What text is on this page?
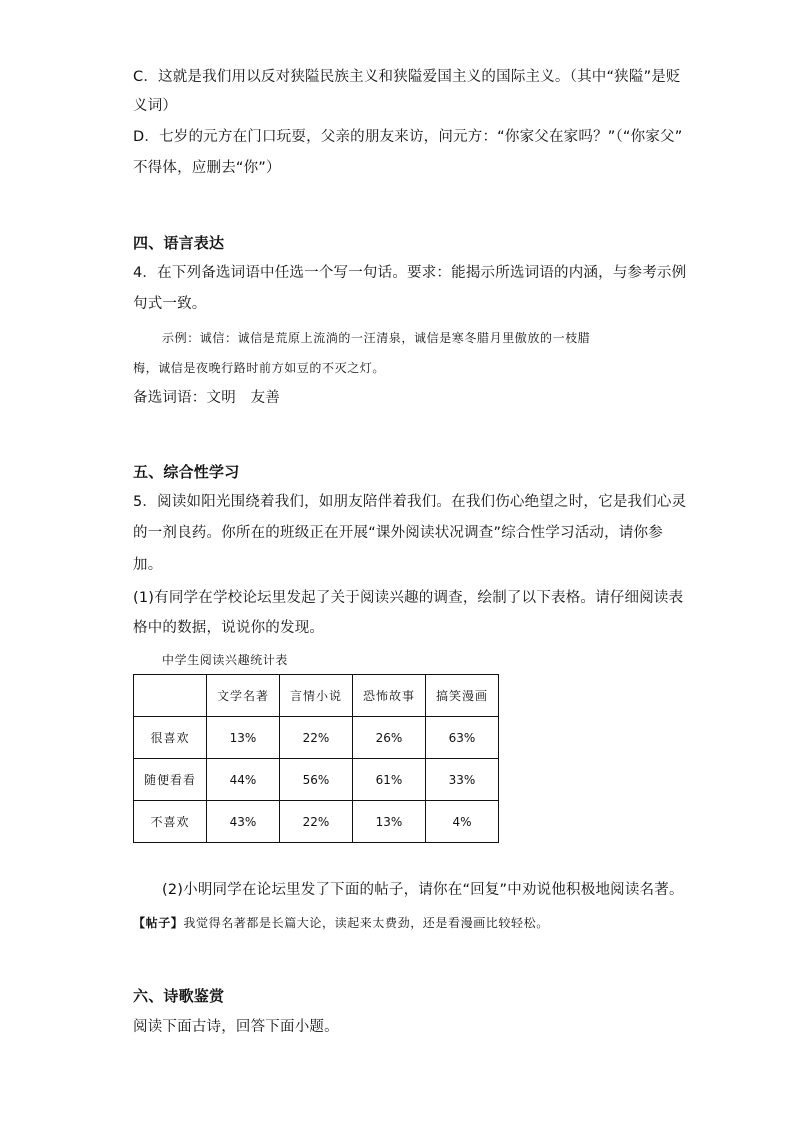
C．这就是我们用以反对狭隘民族主义和狭隘爱国主义的国际主义。（其中“狭隘”是贬
义词）
D．七岁的元方在门口玩耍，父亲的朋友来访，问元方：“你家父在家吗？”（“你家父”
不得体，应删去“你”）
四、语言表达
4．在下列备选词语中任选一个写一句话。要求：能揭示所选词语的内涵，与参考示例
句式一致。
示例：诚信：诚信是荒原上流淌的一汪清泉，诚信是寒冬腊月里傲放的一枝腊
梅，诚信是夜晚行路时前方如豆的不灭之灯。
备选词语：文明　友善
五、综合性学习
5．阅读如阳光围绕着我们，如朋友陪伴着我们。在我们伤心绝望之时，它是我们心灵
的一剂良药。你所在的班级正在开展“课外阅读状况调查”综合性学习活动，请你参
加。
(1)有同学在学校论坛里发起了关于阅读兴趣的调查，绘制了以下表格。请仔细阅读表
格中的数据，说说你的发现。
中学生阅读兴趣统计表
	文学名著	言情小说	恐怖故事	搞笑漫画
很喜欢	13%	22%	26%	63%
随便看看	44%	56%	61%	33%
不喜欢	43%	22%	13%	4%
(2)小明同学在论坛里发了下面的帖子，请你在“回复”中劝说他积极地阅读名著。
【帖子】我觉得名著都是长篇大论，读起来太费劲，还是看漫画比较轻松。
六、诗歌鉴赏
阅读下面古诗，回答下面小题。
